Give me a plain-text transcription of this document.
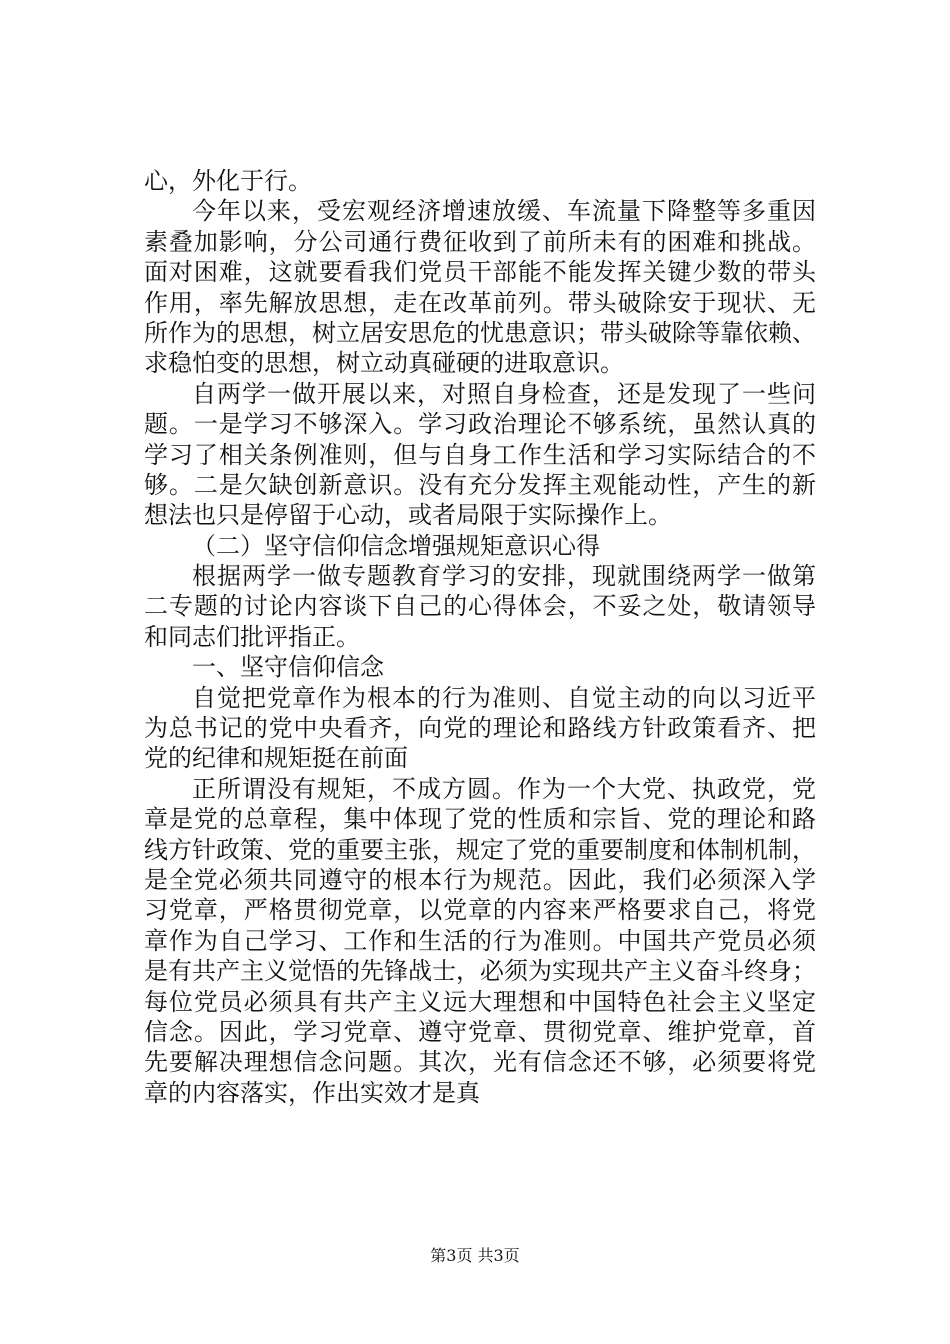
心，外化于行。
今年以来，受宏观经济增速放缓、车流量下降整等多重因
素叠加影响，分公司通行费征收到了前所未有的困难和挑战。
面对困难，这就要看我们党员干部能不能发挥关键少数的带头
作用，率先解放思想，走在改革前列。带头破除安于现状、无
所作为的思想，树立居安思危的忧患意识；带头破除等靠依赖、
求稳怕变的思想，树立动真碰硬的进取意识。
自两学一做开展以来，对照自身检查，还是发现了一些问
题。一是学习不够深入。学习政治理论不够系统，虽然认真的
学习了相关条例准则，但与自身工作生活和学习实际结合的不
够。二是欠缺创新意识。没有充分发挥主观能动性，产生的新
想法也只是停留于心动，或者局限于实际操作上。
（二）坚守信仰信念增强规矩意识心得
根据两学一做专题教育学习的安排，现就围绕两学一做第
二专题的讨论内容谈下自己的心得体会，不妥之处，敬请领导
和同志们批评指正。
一、坚守信仰信念
自觉把党章作为根本的行为准则、自觉主动的向以习近平
为总书记的党中央看齐，向党的理论和路线方针政策看齐、把
党的纪律和规矩挺在前面
正所谓没有规矩，不成方圆。作为一个大党、执政党，党
章是党的总章程，集中体现了党的性质和宗旨、党的理论和路
线方针政策、党的重要主张，规定了党的重要制度和体制机制，
是全党必须共同遵守的根本行为规范。因此，我们必须深入学
习党章，严格贯彻党章，以党章的内容来严格要求自己，将党
章作为自己学习、工作和生活的行为准则。中国共产党员必须
是有共产主义觉悟的先锋战士，必须为实现共产主义奋斗终身；
每位党员必须具有共产主义远大理想和中国特色社会主义坚定
信念。因此，学习党章、遵守党章、贯彻党章、维护党章，首
先要解决理想信念问题。其次，光有信念还不够，必须要将党
章的内容落实，作出实效才是真
第3页 共3页
